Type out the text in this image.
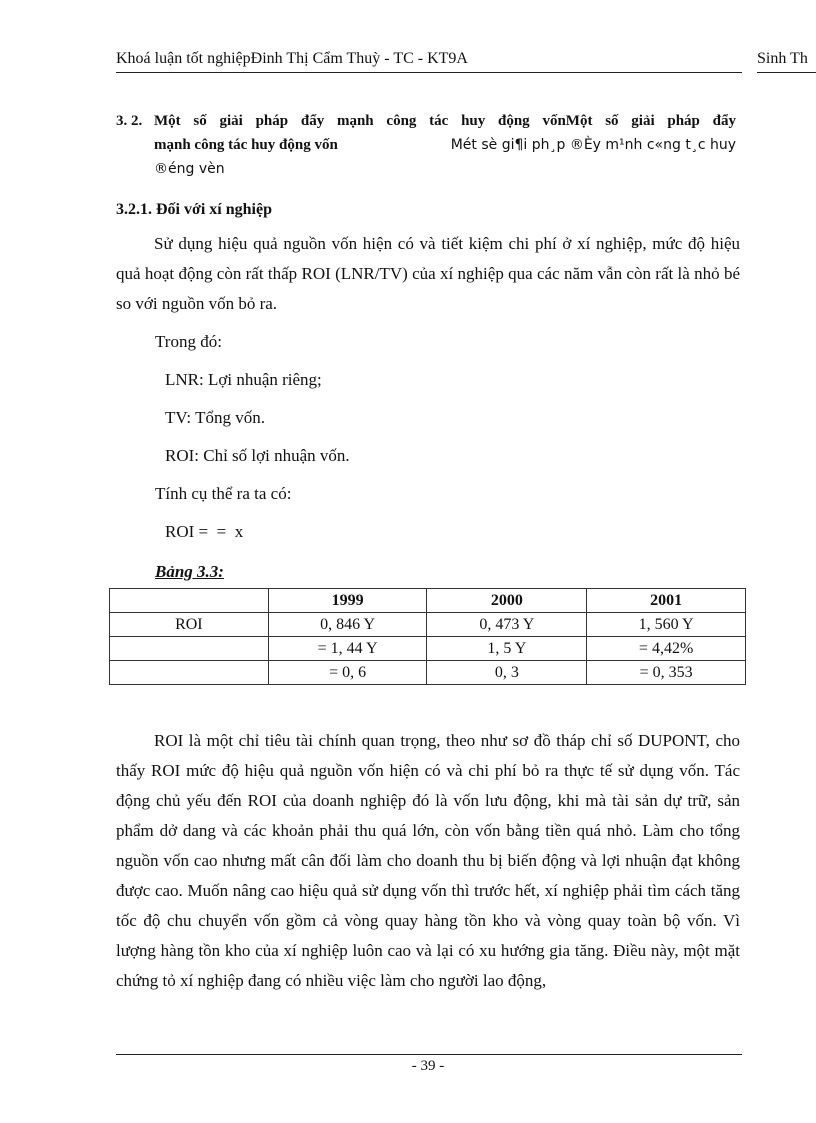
Khoá luận tốt nghiệpĐinh Thị Cẩm Thuỳ - TC - KT9A	Sinh Th
3. 2. Một số giải pháp đẩy mạnh công tác huy động vốnMột số giải pháp đẩy
mạnh công tác huy động vốn	Mét sè gi¶i ph¸p ®Èy m¹nh c«ng t¸c huy
®éng vèn
3.2.1. Đối với xí nghiệp
Sử dụng hiệu quả nguồn vốn hiện có và tiết kiệm chi phí ở xí nghiệp, mức độ hiệu quả hoạt động còn rất thấp ROI (LNR/TV) của xí nghiệp qua các năm vẫn còn rất là nhỏ bé so với nguồn vốn bỏ ra.
Trong đó:
LNR: Lợi nhuận riêng;
TV: Tổng vốn.
ROI: Chỉ số lợi nhuận vốn.
Tính cụ thể ra ta có:
ROI =  =  x
Bảng 3.3:
	1999	2000	2001
ROI	0, 846 Y	0, 473 Y	1, 560 Y
	= 1, 44 Y	1, 5 Y	= 4,42%
	= 0, 6	0, 3	= 0, 353
ROI là một chỉ tiêu tài chính quan trọng, theo như sơ đồ tháp chỉ số DUPONT, cho thấy ROI mức độ hiệu quả nguồn vốn hiện có và chi phí bỏ ra thực tế sử dụng vốn. Tác động chủ yếu đến ROI của doanh nghiệp đó là vốn lưu động, khi mà tài sản dự trữ, sản phẩm dở dang và các khoản phải thu quá lớn, còn vốn bằng tiền quá nhỏ. Làm cho tổng nguồn vốn cao nhưng mất cân đối làm cho doanh thu bị biến động và lợi nhuận đạt không được cao. Muốn nâng cao hiệu quả sử dụng vốn thì trước hết, xí nghiệp phải tìm cách tăng tốc độ chu chuyển vốn gồm cả vòng quay hàng tồn kho và vòng quay toàn bộ vốn. Vì lượng hàng tồn kho của xí nghiệp luôn cao và lại có xu hướng gia tăng. Điều này, một mặt chứng tỏ xí nghiệp đang có nhiều việc làm cho người lao động,
- 39 -
